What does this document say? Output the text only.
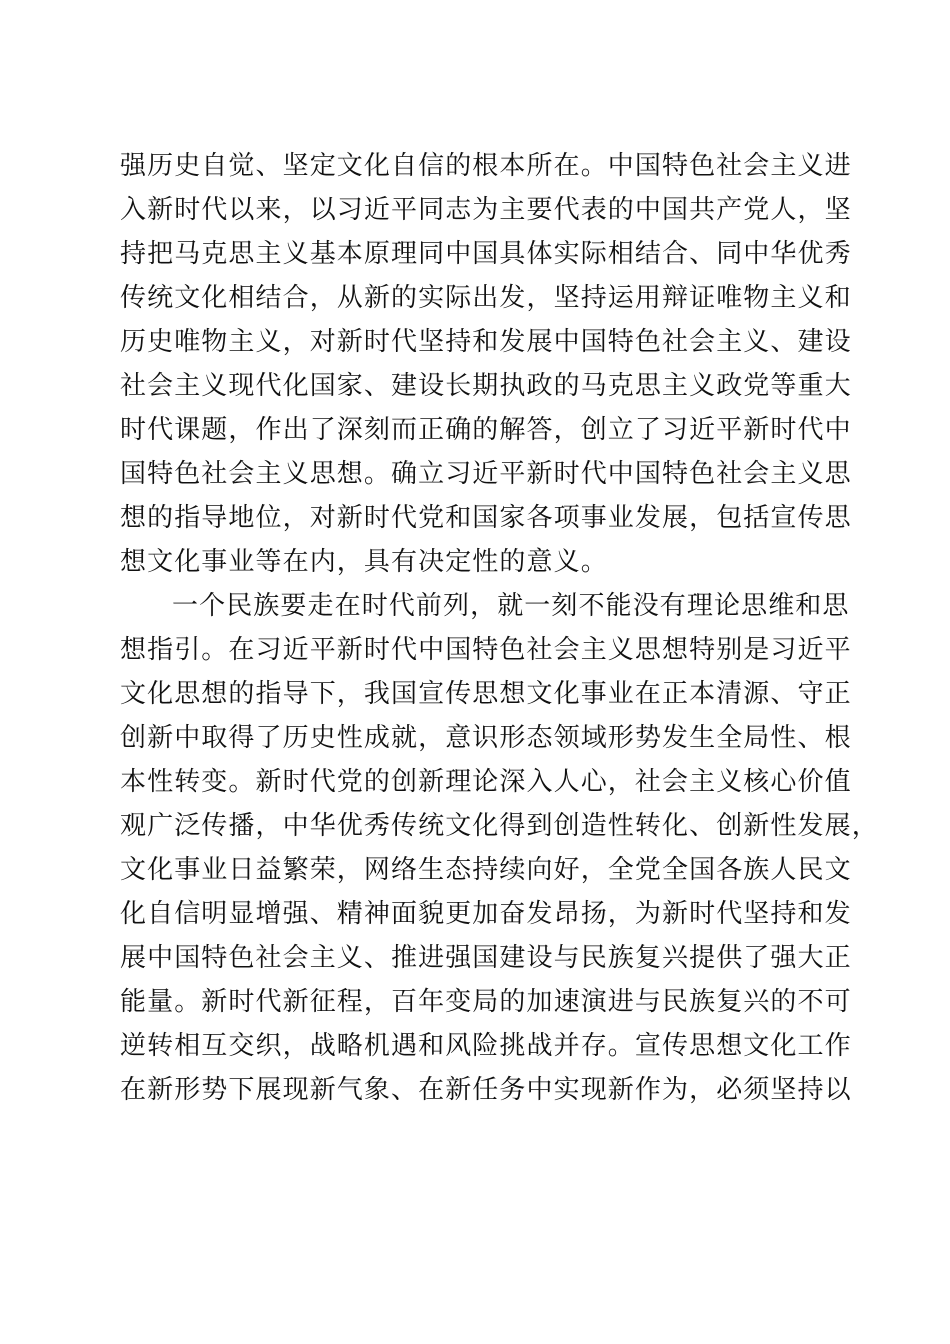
强历史自觉、坚定文化自信的根本所在。中国特色社会主义进
入新时代以来，以习近平同志为主要代表的中国共产党人，坚
持把马克思主义基本原理同中国具体实际相结合、同中华优秀
传统文化相结合，从新的实际出发，坚持运用辩证唯物主义和
历史唯物主义，对新时代坚持和发展中国特色社会主义、建设
社会主义现代化国家、建设长期执政的马克思主义政党等重大
时代课题，作出了深刻而正确的解答，创立了习近平新时代中
国特色社会主义思想。确立习近平新时代中国特色社会主义思
想的指导地位，对新时代党和国家各项事业发展，包括宣传思
想文化事业等在内，具有决定性的意义。
一个民族要走在时代前列，就一刻不能没有理论思维和思
想指引。在习近平新时代中国特色社会主义思想特别是习近平
文化思想的指导下，我国宣传思想文化事业在正本清源、守正
创新中取得了历史性成就，意识形态领域形势发生全局性、根
本性转变。新时代党的创新理论深入人心，社会主义核心价值
观广泛传播，中华优秀传统文化得到创造性转化、创新性发展，
文化事业日益繁荣，网络生态持续向好，全党全国各族人民文
化自信明显增强、精神面貌更加奋发昂扬，为新时代坚持和发
展中国特色社会主义、推进强国建设与民族复兴提供了强大正
能量。新时代新征程，百年变局的加速演进与民族复兴的不可
逆转相互交织，战略机遇和风险挑战并存。宣传思想文化工作
在新形势下展现新气象、在新任务中实现新作为，必须坚持以
